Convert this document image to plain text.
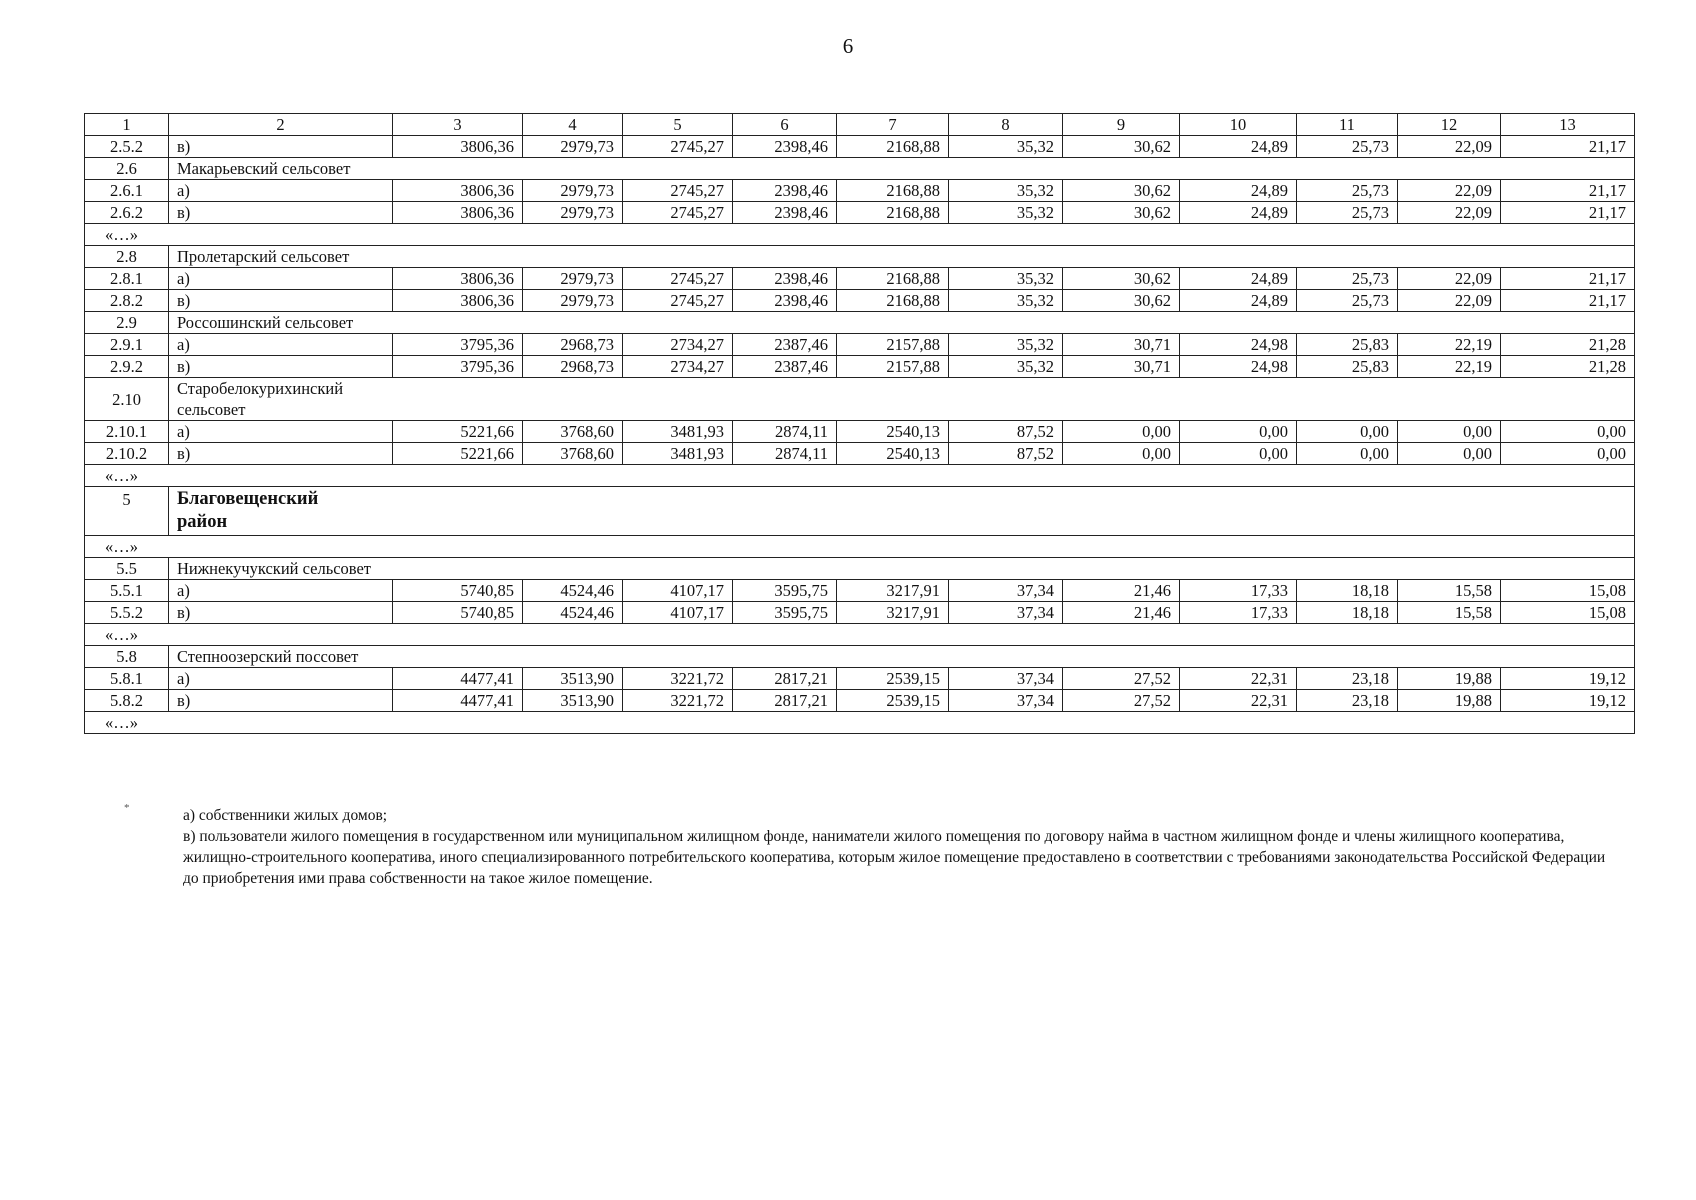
6
1	2	3	4	5	6	7	8	9	10	11	12	13
2.5.2	в)	3806,36	2979,73	2745,27	2398,46	2168,88	35,32	30,62	24,89	25,73	22,09	21,17
2.6	Макарьевский сельсовет											
2.6.1	а)	3806,36	2979,73	2745,27	2398,46	2168,88	35,32	30,62	24,89	25,73	22,09	21,17
2.6.2	в)	3806,36	2979,73	2745,27	2398,46	2168,88	35,32	30,62	24,89	25,73	22,09	21,17
«…»												
2.8	Пролетарский сельсовет											
2.8.1	а)	3806,36	2979,73	2745,27	2398,46	2168,88	35,32	30,62	24,89	25,73	22,09	21,17
2.8.2	в)	3806,36	2979,73	2745,27	2398,46	2168,88	35,32	30,62	24,89	25,73	22,09	21,17
2.9	Россошинский сельсовет											
2.9.1	а)	3795,36	2968,73	2734,27	2387,46	2157,88	35,32	30,71	24,98	25,83	22,19	21,28
2.9.2	в)	3795,36	2968,73	2734,27	2387,46	2157,88	35,32	30,71	24,98	25,83	22,19	21,28
2.10	Старобелокурихинский сельсовет											
2.10.1	а)	5221,66	3768,60	3481,93	2874,11	2540,13	87,52	0,00	0,00	0,00	0,00	0,00
2.10.2	в)	5221,66	3768,60	3481,93	2874,11	2540,13	87,52	0,00	0,00	0,00	0,00	0,00
«…»												
5	Благовещенский район											
«…»												
5.5	Нижнекучукский сельсовет											
5.5.1	а)	5740,85	4524,46	4107,17	3595,75	3217,91	37,34	21,46	17,33	18,18	15,58	15,08
5.5.2	в)	5740,85	4524,46	4107,17	3595,75	3217,91	37,34	21,46	17,33	18,18	15,58	15,08
«…»												
5.8	Степноозерский поссовет											
5.8.1	а)	4477,41	3513,90	3221,72	2817,21	2539,15	37,34	27,52	22,31	23,18	19,88	19,12
5.8.2	в)	4477,41	3513,90	3221,72	2817,21	2539,15	37,34	27,52	22,31	23,18	19,88	19,12
«…»												
*	а) собственники жилых домов;

в) пользователи жилого помещения в государственном или муниципальном жилищном фонде, наниматели жилого помещения по договору найма в частном жилищном фонде и члены жилищного кооператива, жилищно-строительного кооператива, иного специализированного потребительского кооператива, которым жилое помещение предоставлено в соответствии с требованиями законодательства Российской Федерации до приобретения ими права собственности на такое жилое помещение.
